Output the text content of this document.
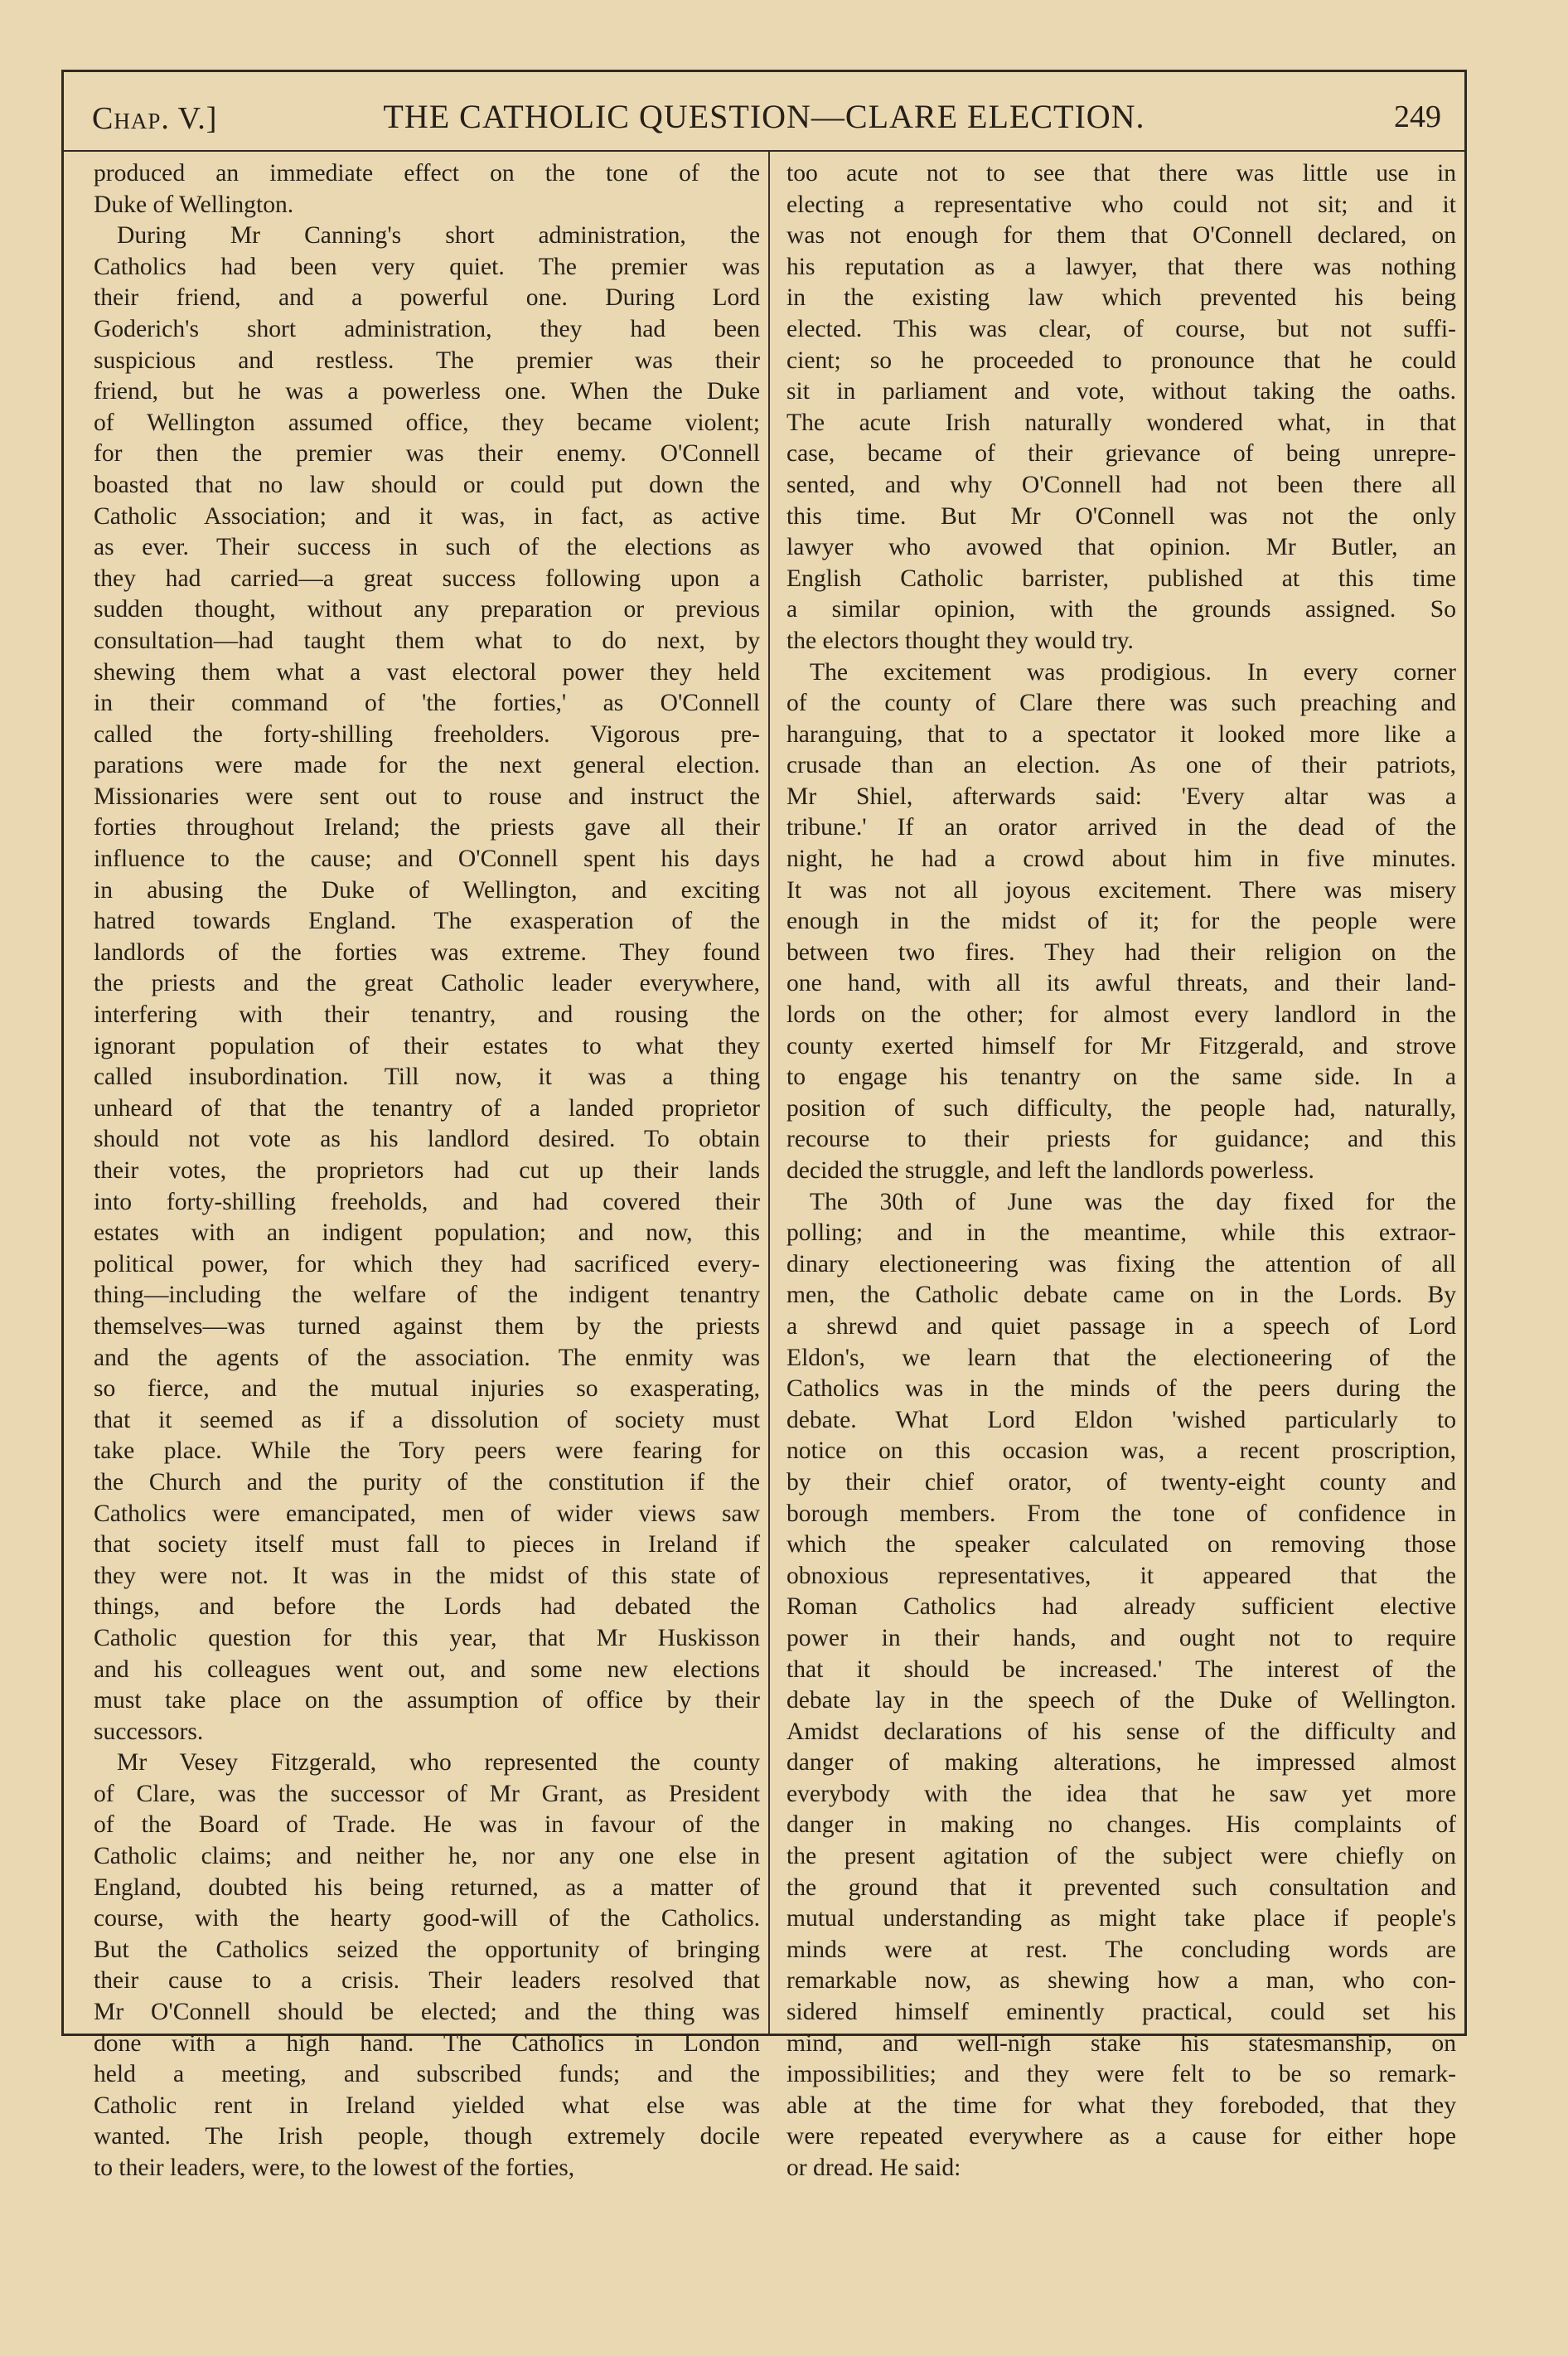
Chap. V.]	THE CATHOLIC QUESTION—CLARE ELECTION.	249
produced an immediate effect on the tone of the
Duke of Wellington.
During Mr Canning's short administration, the
Catholics had been very quiet. The premier was
their friend, and a powerful one. During Lord
Goderich's short administration, they had been
suspicious and restless. The premier was their
friend, but he was a powerless one. When the Duke
of Wellington assumed office, they became violent;
for then the premier was their enemy. O'Connell
boasted that no law should or could put down the
Catholic Association; and it was, in fact, as active
as ever. Their success in such of the elections as
they had carried—a great success following upon a
sudden thought, without any preparation or previous
consultation—had taught them what to do next, by
shewing them what a vast electoral power they held
in their command of 'the forties,' as O'Connell
called the forty-shilling freeholders. Vigorous pre-
parations were made for the next general election.
Missionaries were sent out to rouse and instruct the
forties throughout Ireland; the priests gave all their
influence to the cause; and O'Connell spent his days
in abusing the Duke of Wellington, and exciting
hatred towards England. The exasperation of the
landlords of the forties was extreme. They found
the priests and the great Catholic leader everywhere,
interfering with their tenantry, and rousing the
ignorant population of their estates to what they
called insubordination. Till now, it was a thing
unheard of that the tenantry of a landed proprietor
should not vote as his landlord desired. To obtain
their votes, the proprietors had cut up their lands
into forty-shilling freeholds, and had covered their
estates with an indigent population; and now, this
political power, for which they had sacrificed every-
thing—including the welfare of the indigent tenantry
themselves—was turned against them by the priests
and the agents of the association. The enmity was
so fierce, and the mutual injuries so exasperating,
that it seemed as if a dissolution of society must
take place. While the Tory peers were fearing for
the Church and the purity of the constitution if the
Catholics were emancipated, men of wider views saw
that society itself must fall to pieces in Ireland if
they were not. It was in the midst of this state of
things, and before the Lords had debated the
Catholic question for this year, that Mr Huskisson
and his colleagues went out, and some new elections
must take place on the assumption of office by their
successors.
Mr Vesey Fitzgerald, who represented the county
of Clare, was the successor of Mr Grant, as President
of the Board of Trade. He was in favour of the
Catholic claims; and neither he, nor any one else in
England, doubted his being returned, as a matter of
course, with the hearty good-will of the Catholics.
But the Catholics seized the opportunity of bringing
their cause to a crisis. Their leaders resolved that
Mr O'Connell should be elected; and the thing was
done with a high hand. The Catholics in London
held a meeting, and subscribed funds; and the
Catholic rent in Ireland yielded what else was
wanted. The Irish people, though extremely docile
to their leaders, were, to the lowest of the forties,
too acute not to see that there was little use in
electing a representative who could not sit; and it
was not enough for them that O'Connell declared, on
his reputation as a lawyer, that there was nothing
in the existing law which prevented his being
elected. This was clear, of course, but not suffi-
cient; so he proceeded to pronounce that he could
sit in parliament and vote, without taking the oaths.
The acute Irish naturally wondered what, in that
case, became of their grievance of being unrepre-
sented, and why O'Connell had not been there all
this time. But Mr O'Connell was not the only
lawyer who avowed that opinion. Mr Butler, an
English Catholic barrister, published at this time
a similar opinion, with the grounds assigned. So
the electors thought they would try.
The excitement was prodigious. In every corner
of the county of Clare there was such preaching and
haranguing, that to a spectator it looked more like a
crusade than an election. As one of their patriots,
Mr Shiel, afterwards said: 'Every altar was a
tribune.' If an orator arrived in the dead of the
night, he had a crowd about him in five minutes.
It was not all joyous excitement. There was misery
enough in the midst of it; for the people were
between two fires. They had their religion on the
one hand, with all its awful threats, and their land-
lords on the other; for almost every landlord in the
county exerted himself for Mr Fitzgerald, and strove
to engage his tenantry on the same side. In a
position of such difficulty, the people had, naturally,
recourse to their priests for guidance; and this
decided the struggle, and left the landlords powerless.
The 30th of June was the day fixed for the
polling; and in the meantime, while this extraor-
dinary electioneering was fixing the attention of all
men, the Catholic debate came on in the Lords. By
a shrewd and quiet passage in a speech of Lord
Eldon's, we learn that the electioneering of the
Catholics was in the minds of the peers during the
debate. What Lord Eldon 'wished particularly to
notice on this occasion was, a recent proscription,
by their chief orator, of twenty-eight county and
borough members. From the tone of confidence in
which the speaker calculated on removing those
obnoxious representatives, it appeared that the
Roman Catholics had already sufficient elective
power in their hands, and ought not to require
that it should be increased.' The interest of the
debate lay in the speech of the Duke of Wellington.
Amidst declarations of his sense of the difficulty and
danger of making alterations, he impressed almost
everybody with the idea that he saw yet more
danger in making no changes. His complaints of
the present agitation of the subject were chiefly on
the ground that it prevented such consultation and
mutual understanding as might take place if people's
minds were at rest. The concluding words are
remarkable now, as shewing how a man, who con-
sidered himself eminently practical, could set his
mind, and well-nigh stake his statesmanship, on
impossibilities; and they were felt to be so remark-
able at the time for what they foreboded, that they
were repeated everywhere as a cause for either hope
or dread. He said:
